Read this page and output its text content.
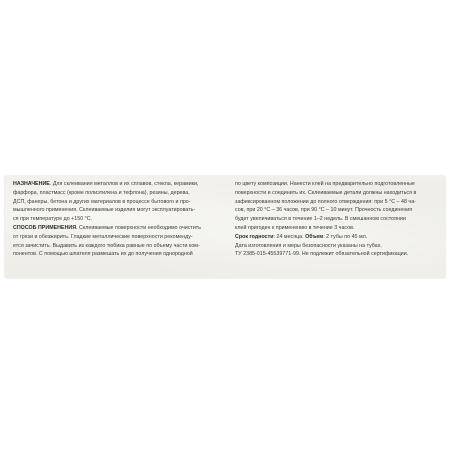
НАЗНАЧЕНИЕ. Для склеивания металлов и их сплавов, стекла, керамики,
фарфора, пластмасс (кроме полиэтилена и тефлона), резины, дерева,
ДСП, фанеры, бетона и других материалов в процессе бытового и про-
мышленного применения. Склеиваемые изделия могут эксплуатировать-
ся при температуре до +150 °С.
СПОСОБ ПРИМЕНЕНИЯ. Склеиваемые поверхности необходимо очистить
от грязи и обезжирить. Гладкие металлические поверхности рекоменду-
ется зачистить. Выдавить из каждого тюбика равные по объему части ком-
понентов. С помощью шпателя размешать их до получения однородной
по цвету композиции. Нанести клей на предварительно подготовленные
поверхности и соединить их. Склеиваемые детали должны находиться в
зафиксированном положении до полного отверждения: при 5 °С – 48 ча-
сов, при 20 °С – 36 часов, при 90 °С – 10 минут. Прочность соединения
будет увеличиваться в течение 1–2 недель. В смешанном состоянии
клей пригоден к применению в течение 3 часов.
Срок годности: 24 месяца. Объем: 2 тубы по 45 мл.
Дата изготовления и меры безопасности указаны на тубах.
ТУ 2385-015-45539771-99. Не подлежит обязательной сертификации.
